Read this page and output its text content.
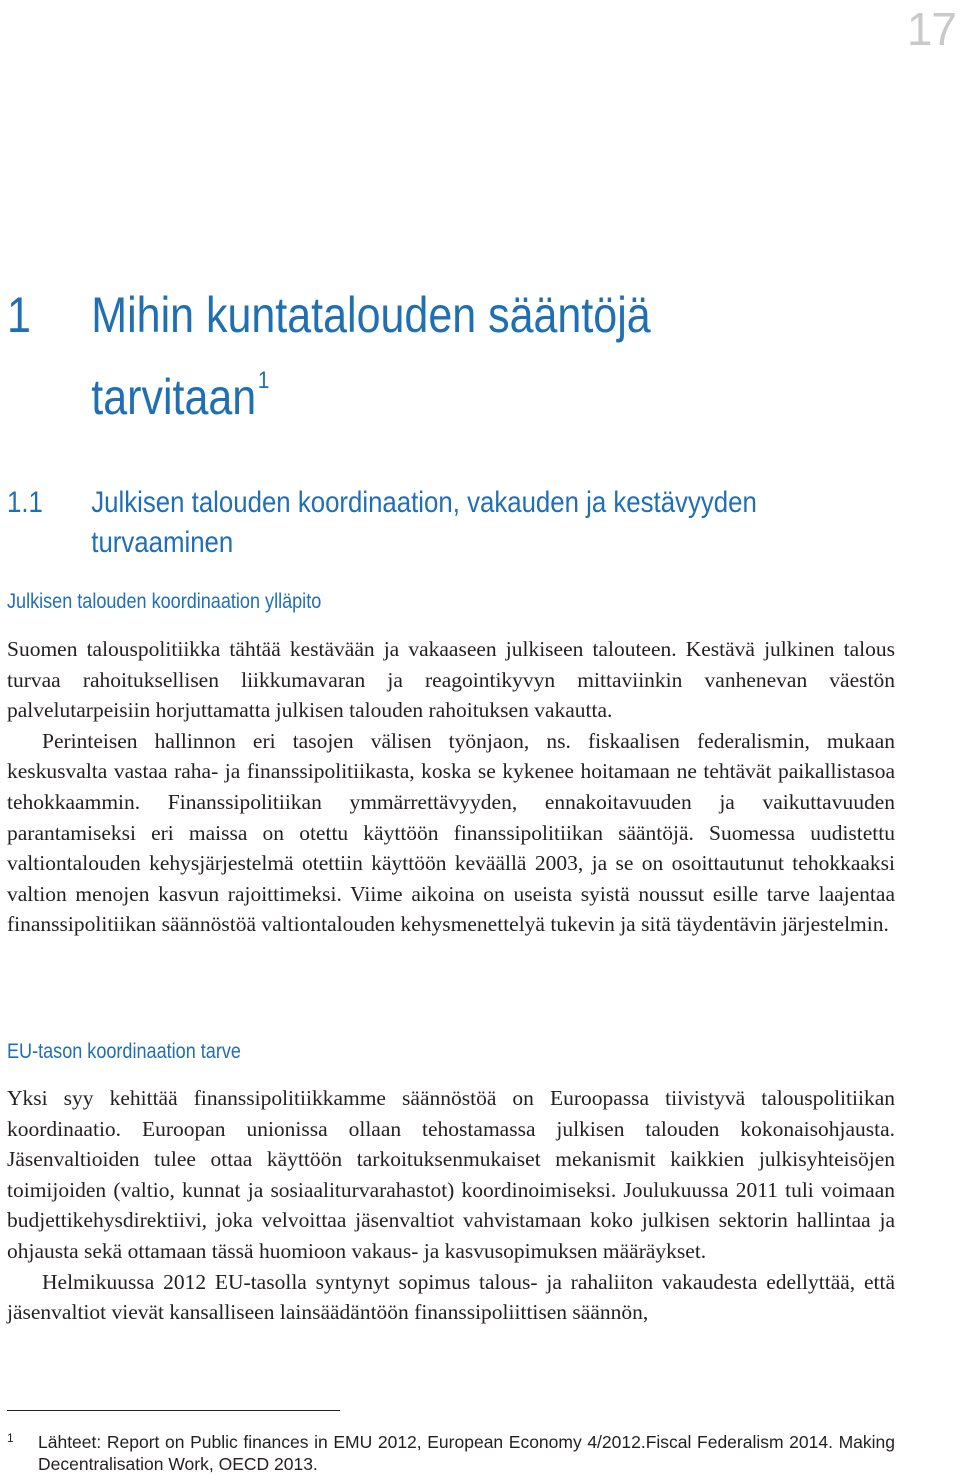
17
1 Mihin kuntatalouden sääntöjä
tarvitaan$^1$
1.1 Julkisen talouden koordinaation, vakauden ja kestävyyden
turvaaminen
Julkisen talouden koordinaation ylläpito

Suomen talouspolitiikka tähtää kestävään ja vakaaseen julkiseen talouteen. Kestävä julkinen talous turvaa rahoituksellisen liikkumavaran ja reagointikyvyn mittaviinkin vanhenevan väestön palvelutarpeisiin horjuttamatta julkisen talouden rahoituksen vakautta.

Perinteisen hallinnon eri tasojen välisen työnjaon, ns. fiskaalisen federalismin, mukaan keskusvalta vastaa raha- ja finanssipolitiikasta, koska se kykenee hoitamaan ne tehtävät paikallistasoa tehokkaammin. Finanssipolitiikan ymmärrettävyyden, ennakoitavuuden ja vaikuttavuuden parantamiseksi eri maissa on otettu käyttöön finanssipolitiikan sääntöjä. Suomessa uudistettu valtiontalouden kehysjärjestelmä otettiin käyttöön keväällä 2003, ja se on osoittautunut tehokkaaksi valtion menojen kasvun rajoittimeksi. Viime aikoina on useista syistä noussut esille tarve laajentaa finanssipolitiikan säännöstöä valtiontalouden kehysmenettelyä tukevin ja sitä täydentävin järjestelmin.

EU-tason koordinaation tarve

Yksi syy kehittää finanssipolitiikkamme säännöstöä on Euroopassa tiivistyvä talouspolitiikan koordinaatio. Euroopan unionissa ollaan tehostamassa julkisen talouden kokonaisohjausta. Jäsenvaltioiden tulee ottaa käyttöön tarkoituksenmukaiset mekanismit kaikkien julkisyhteisöjen toimijoiden (valtio, kunnat ja sosiaaliturvarahastot) koordinoimiseksi. Joulukuussa 2011 tuli voimaan budjettikehysdirektiivi, joka velvoittaa jäsenvaltiot vahvistamaan koko julkisen sektorin hallintaa ja ohjausta sekä ottamaan tässä huomioon vakaus- ja kasvusopimuksen määräykset.

Helmikuussa 2012 EU-tasolla syntynyt sopimus talous- ja rahaliiton vakaudesta edellyttää, että jäsenvaltiot vievät kansalliseen lainsäädäntöön finanssipoliittisen säännön,

1	Lähteet: Report on Public finances in EMU 2012, European Economy 4/2012.Fiscal Federalism 2014. Making Decentralisation Work, OECD 2013.
